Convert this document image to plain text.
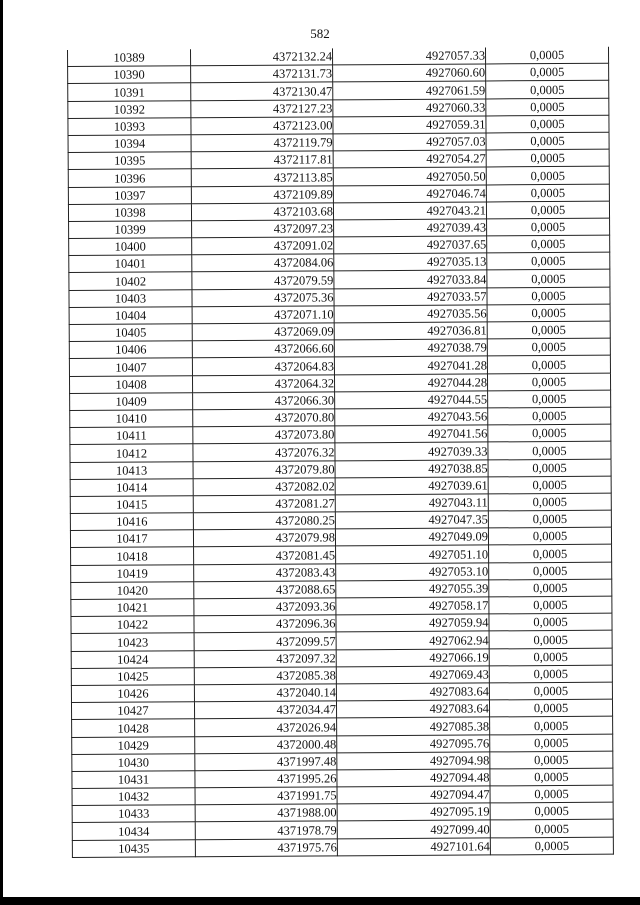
582
10389	4372132.24	4927057.33	0,0005
10390	4372131.73	4927060.60	0,0005
10391	4372130.47	4927061.59	0,0005
10392	4372127.23	4927060.33	0,0005
10393	4372123.00	4927059.31	0,0005
10394	4372119.79	4927057.03	0,0005
10395	4372117.81	4927054.27	0,0005
10396	4372113.85	4927050.50	0,0005
10397	4372109.89	4927046.74	0,0005
10398	4372103.68	4927043.21	0,0005
10399	4372097.23	4927039.43	0,0005
10400	4372091.02	4927037.65	0,0005
10401	4372084.06	4927035.13	0,0005
10402	4372079.59	4927033.84	0,0005
10403	4372075.36	4927033.57	0,0005
10404	4372071.10	4927035.56	0,0005
10405	4372069.09	4927036.81	0,0005
10406	4372066.60	4927038.79	0,0005
10407	4372064.83	4927041.28	0,0005
10408	4372064.32	4927044.28	0,0005
10409	4372066.30	4927044.55	0,0005
10410	4372070.80	4927043.56	0,0005
10411	4372073.80	4927041.56	0,0005
10412	4372076.32	4927039.33	0,0005
10413	4372079.80	4927038.85	0,0005
10414	4372082.02	4927039.61	0,0005
10415	4372081.27	4927043.11	0,0005
10416	4372080.25	4927047.35	0,0005
10417	4372079.98	4927049.09	0,0005
10418	4372081.45	4927051.10	0,0005
10419	4372083.43	4927053.10	0,0005
10420	4372088.65	4927055.39	0,0005
10421	4372093.36	4927058.17	0,0005
10422	4372096.36	4927059.94	0,0005
10423	4372099.57	4927062.94	0,0005
10424	4372097.32	4927066.19	0,0005
10425	4372085.38	4927069.43	0,0005
10426	4372040.14	4927083.64	0,0005
10427	4372034.47	4927083.64	0,0005
10428	4372026.94	4927085.38	0,0005
10429	4372000.48	4927095.76	0,0005
10430	4371997.48	4927094.98	0,0005
10431	4371995.26	4927094.48	0,0005
10432	4371991.75	4927094.47	0,0005
10433	4371988.00	4927095.19	0,0005
10434	4371978.79	4927099.40	0,0005
10435	4371975.76	4927101.64	0,0005
